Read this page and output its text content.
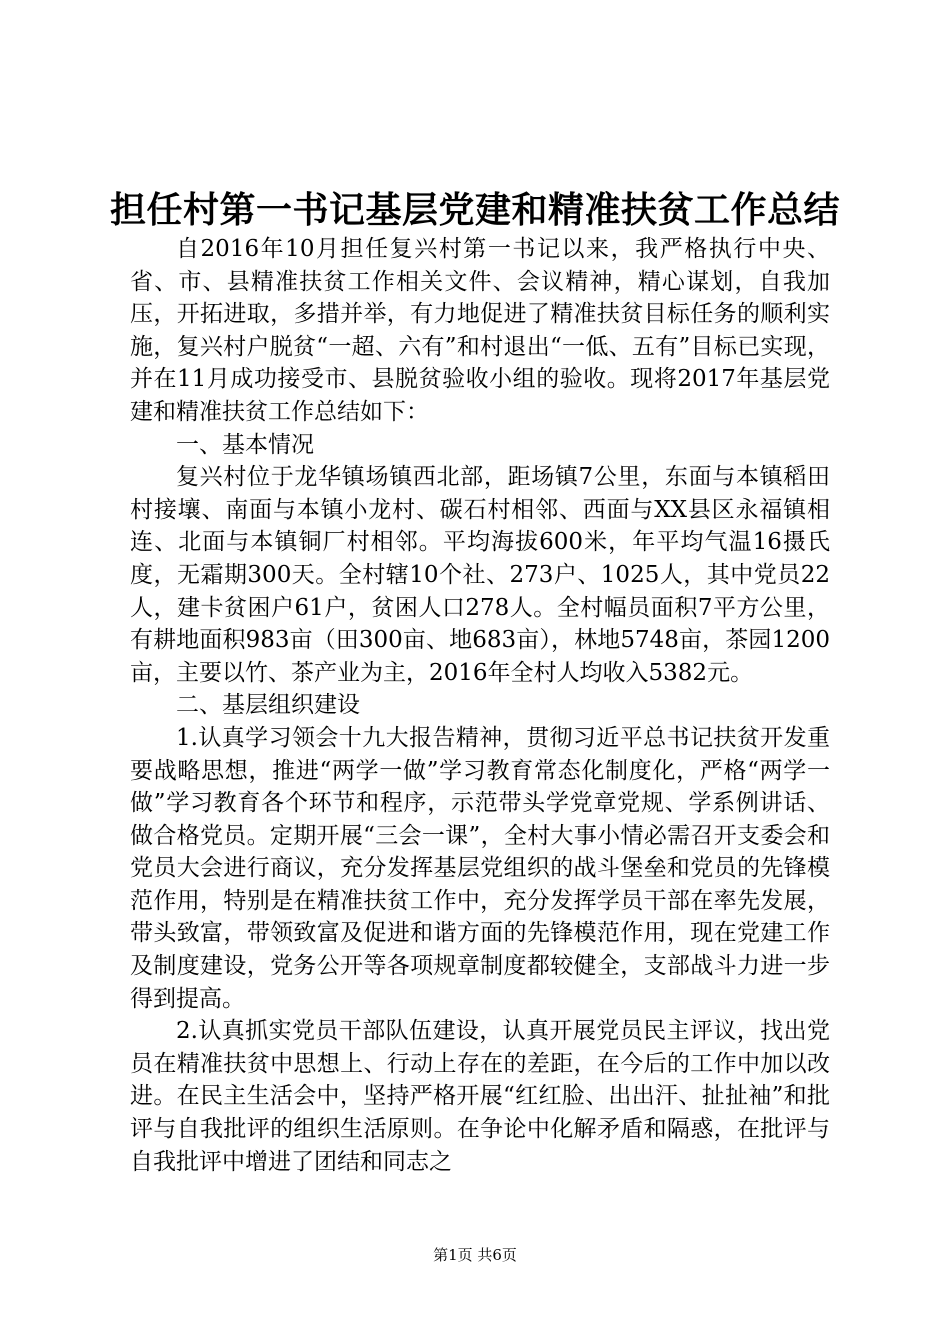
担任村第一书记基层党建和精准扶贫工作总结

自2016年10月担任复兴村第一书记以来，我严格执行中央、省、市、县精准扶贫工作相关文件、会议精神，精心谋划，自我加压，开拓进取，多措并举，有力地促进了精准扶贫目标任务的顺利实施，复兴村户脱贫“一超、六有”和村退出“一低、五有”目标已实现，并在11月成功接受市、县脱贫验收小组的验收。现将2017年基层党建和精准扶贫工作总结如下：

一、基本情况

复兴村位于龙华镇场镇西北部，距场镇7公里，东面与本镇稻田村接壤、南面与本镇小龙村、碳石村相邻、西面与XX县区永福镇相连、北面与本镇铜厂村相邻。平均海拔600米，年平均气温16摄氏度，无霜期300天。全村辖10个社、273户、1025人，其中党员22人，建卡贫困户61户，贫困人口278人。全村幅员面积7平方公里，有耕地面积983亩（田300亩、地683亩），林地5748亩，茶园1200亩，主要以竹、茶产业为主，2016年全村人均收入5382元。

二、基层组织建设

1.认真学习领会十九大报告精神，贯彻习近平总书记扶贫开发重要战略思想，推进“两学一做”学习教育常态化制度化，严格“两学一做”学习教育各个环节和程序，示范带头学党章党规、学系例讲话、做合格党员。定期开展“三会一课”，全村大事小情必需召开支委会和党员大会进行商议，充分发挥基层党组织的战斗堡垒和党员的先锋模范作用，特别是在精准扶贫工作中，充分发挥学员干部在率先发展，带头致富，带领致富及促进和谐方面的先锋模范作用，现在党建工作及制度建设，党务公开等各项规章制度都较健全，支部战斗力进一步得到提高。

2.认真抓实党员干部队伍建设，认真开展党员民主评议，找出党员在精准扶贫中思想上、行动上存在的差距，在今后的工作中加以改进。在民主生活会中，坚持严格开展“红红脸、出出汗、扯扯袖”和批评与自我批评的组织生活原则。在争论中化解矛盾和隔惑，在批评与自我批评中增进了团结和同志之

第1页 共6页
